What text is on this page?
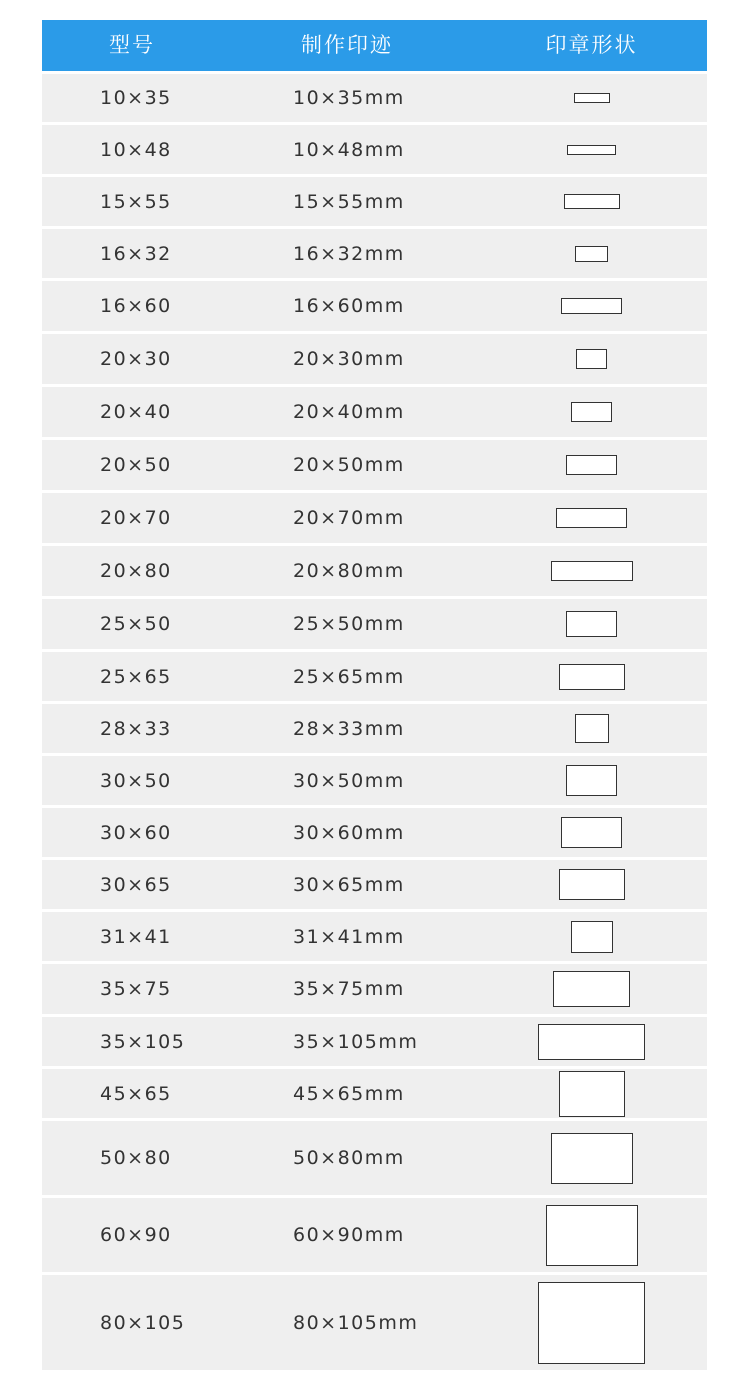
型号	制作印迹	印章形状
10×35	10×35mm
10×48	10×48mm
15×55	15×55mm
16×32	16×32mm
16×60	16×60mm
20×30	20×30mm
20×40	20×40mm
20×50	20×50mm
20×70	20×70mm
20×80	20×80mm
25×50	25×50mm
25×65	25×65mm
28×33	28×33mm
30×50	30×50mm
30×60	30×60mm
30×65	30×65mm
31×41	31×41mm
35×75	35×75mm
35×105	35×105mm
45×65	45×65mm
50×80	50×80mm
60×90	60×90mm
80×105	80×105mm
